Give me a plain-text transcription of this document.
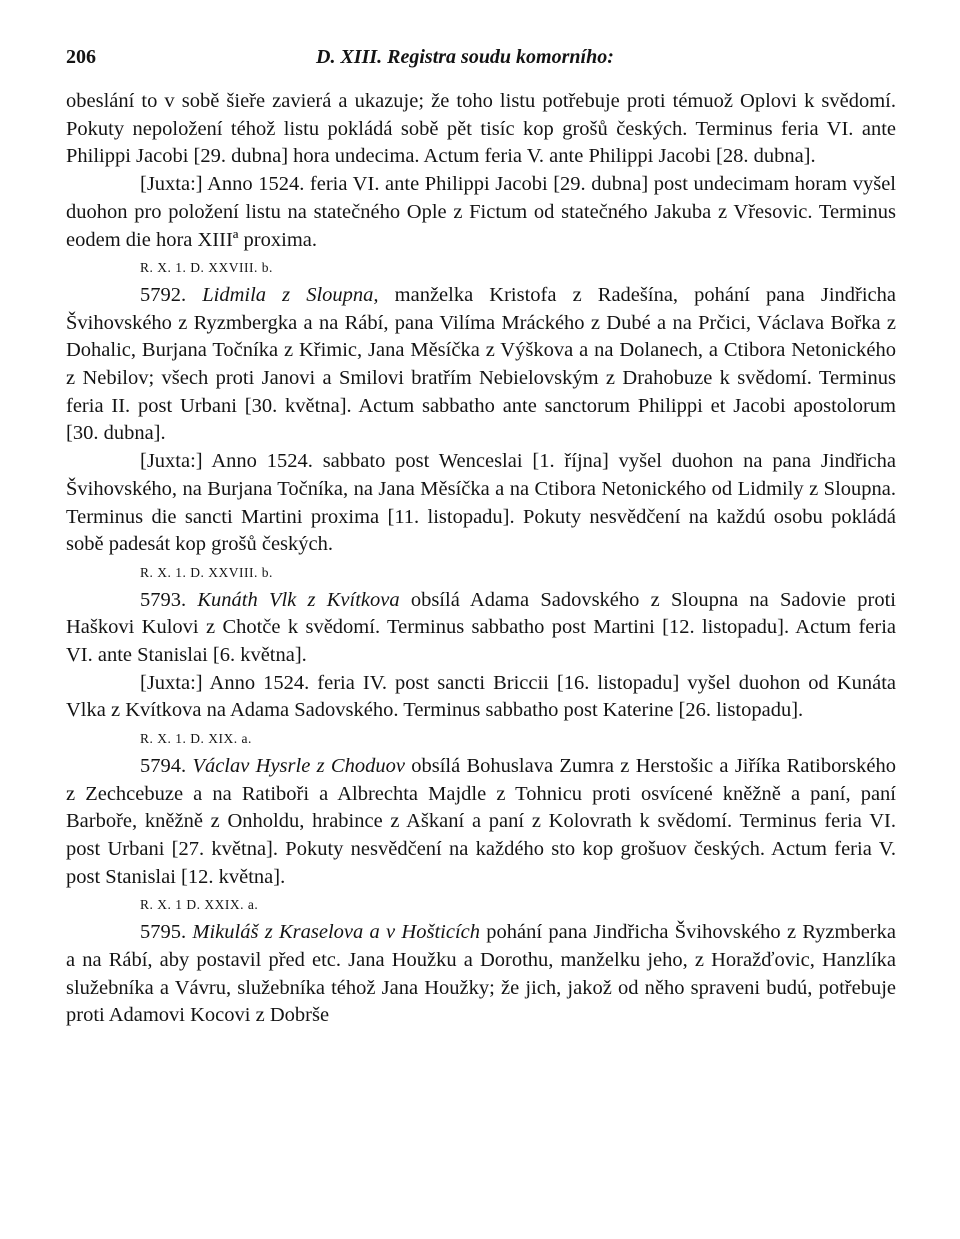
206	D. XIII. Registra soudu komorního:

obeslání to v sobě šieře zavierá a ukazuje; že toho listu potřebuje proti témuož Oplovi k svědomí. Pokuty nepoložení téhož listu pokládá sobě pět tisíc kop grošů českých. Terminus feria VI. ante Philippi Jacobi [29. dubna] hora undecima. Actum feria V. ante Philippi Jacobi [28. dubna].

[Juxta:] Anno 1524. feria VI. ante Philippi Jacobi [29. dubna] post undecimam horam vyšel duohon pro položení listu na statečného Ople z Fictum od statečného Jakuba z Vřesovic. Terminus eodem die hora XIIIª proxima.

R. X. 1. D. XXVIII. b.

5792. Lidmila z Sloupna, manželka Kristofa z Radešína, pohání pana Jindřicha Švihovského z Ryzmbergka a na Rábí, pana Vilíma Mráckého z Dubé a na Prčici, Václava Bořka z Dohalic, Burjana Točníka z Křimic, Jana Měsíčka z Výškova a na Dolanech, a Ctibora Netonického z Nebilov; všech proti Janovi a Smilovi bratřím Nebielovským z Drahobuze k svědomí. Terminus feria II. post Urbani [30. května]. Actum sabbatho ante sanctorum Philippi et Jacobi apostolorum [30. dubna].

[Juxta:] Anno 1524. sabbato post Wenceslai [1. října] vyšel duohon na pana Jindřicha Švihovského, na Burjana Točníka, na Jana Měsíčka a na Ctibora Netonického od Lidmily z Sloupna. Terminus die sancti Martini proxima [11. listopadu]. Pokuty nesvědčení na každú osobu pokládá sobě padesát kop grošů českých.

R. X. 1. D. XXVIII. b.

5793. Kunáth Vlk z Kvítkova obsílá Adama Sadovského z Sloupna na Sadovie proti Haškovi Kulovi z Chotče k svědomí. Terminus sabbatho post Martini [12. listopadu]. Actum feria VI. ante Stanislai [6. května].

[Juxta:] Anno 1524. feria IV. post sancti Briccii [16. listopadu] vyšel duohon od Kunáta Vlka z Kvítkova na Adama Sadovského. Terminus sabbatho post Katerine [26. listopadu].

R. X. 1. D. XIX. a.

5794. Václav Hysrle z Choduov obsílá Bohuslava Zumra z Herstošic a Jiříka Ratiborského z Zechcebuze a na Ratiboři a Albrechta Majdle z Tohnicu proti osvícené kněžně a paní, paní Barboře, kněžně z Onholdu, hrabince z Aškaní a paní z Kolovrath k svědomí. Terminus feria VI. post Urbani [27. května]. Pokuty nesvědčení na každého sto kop grošuov českých. Actum feria V. post Stanislai [12. května].

R. X. 1 D. XXIX. a.

5795. Mikuláš z Kraselova a v Hošticích pohání pana Jindřicha Švihovského z Ryzmberka a na Rábí, aby postavil před etc. Jana Houžku a Dorothu, manželku jeho, z Horažďovic, Hanzlíka služebníka a Vávru, služebníka téhož Jana Houžky; že jich, jakož od něho spraveni budú, potřebuje proti Adamovi Kocovi z Dobrše
